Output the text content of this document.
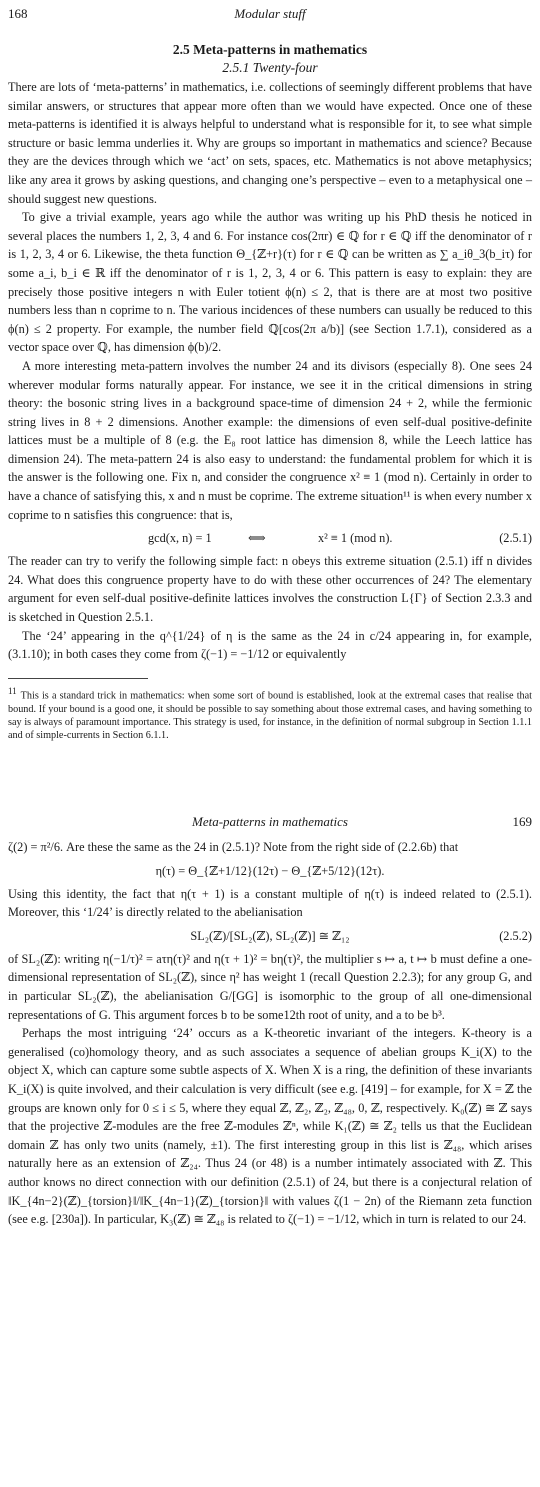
168	Modular stuff
2.5 Meta-patterns in mathematics
2.5.1 Twenty-four

There are lots of ‘meta-patterns’ in mathematics, i.e. collections of seemingly different problems that have similar answers, or structures that appear more often than we would have expected. Once one of these meta-patterns is identified it is always helpful to understand what is responsible for it, to see what simple structure or basic lemma underlies it. Why are groups so important in mathematics and science? Because they are the devices through which we ‘act’ on sets, spaces, etc. Mathematics is not above metaphysics; like any area it grows by asking questions, and changing one’s perspective – even to a metaphysical one – should suggest new questions.

To give a trivial example, years ago while the author was writing up his PhD thesis he noticed in several places the numbers 1, 2, 3, 4 and 6. For instance cos(2πr) ∈ ℚ for r ∈ ℚ iff the denominator of r is 1, 2, 3, 4 or 6. Likewise, the theta function Θ_{ℤ+r}(τ) for r ∈ ℚ can be written as ∑ a_iθ_3(b_iτ) for some a_i, b_i ∈ ℝ iff the denominator of r is 1, 2, 3, 4 or 6. This pattern is easy to explain: they are precisely those positive integers n with Euler totient ϕ(n) ≤ 2, that is there are at most two positive numbers less than n coprime to n. The various incidences of these numbers can usually be reduced to this ϕ(n) ≤ 2 property. For example, the number field ℚ[cos(2π a/b)] (see Section 1.7.1), considered as a vector space over ℚ, has dimension ϕ(b)/2.

A more interesting meta-pattern involves the number 24 and its divisors (especially 8). One sees 24 wherever modular forms naturally appear. For instance, we see it in the critical dimensions in string theory: the bosonic string lives in a background space-time of dimension 24 + 2, while the fermionic string lives in 8 + 2 dimensions. Another example: the dimensions of even self-dual positive-definite lattices must be a multiple of 8 (e.g. the E₈ root lattice has dimension 8, while the Leech lattice has dimension 24). The meta-pattern 24 is also easy to understand: the fundamental problem for which it is the answer is the following one. Fix n, and consider the congruence x² ≡ 1 (mod n). Certainly in order to have a chance of satisfying this, x and n must be coprime. The extreme situation¹¹ is when every number x coprime to n satisfies this congruence: that is,

gcd(x, n) = 1	⟺	x² ≡ 1 (mod n).	(2.5.1)

The reader can try to verify the following simple fact: n obeys this extreme situation (2.5.1) iff n divides 24. What does this congruence property have to do with these other occurrences of 24? The elementary argument for even self-dual positive-definite lattices involves the construction L{Γ} of Section 2.3.3 and is sketched in Question 2.5.1.

The ‘24’ appearing in the q^{1/24} of η is the same as the 24 in c/24 appearing in, for example, (3.1.10); in both cases they come from ζ(−1) = −1/12 or equivalently

11 This is a standard trick in mathematics: when some sort of bound is established, look at the extremal cases that realise that bound. If your bound is a good one, it should be possible to say something about those extremal cases, and having something to say is always of paramount importance. This strategy is used, for instance, in the definition of normal subgroup in Section 1.1.1 and of simple-currents in Section 6.1.1.
Meta-patterns in mathematics	169

ζ(2) = π²/6. Are these the same as the 24 in (2.5.1)? Note from the right side of (2.2.6b) that

η(τ) = Θ_{ℤ+1/12}(12τ) − Θ_{ℤ+5/12}(12τ).

Using this identity, the fact that η(τ + 1) is a constant multiple of η(τ) is indeed related to (2.5.1). Moreover, this ‘1/24’ is directly related to the abelianisation

SL₂(ℤ)/[SL₂(ℤ), SL₂(ℤ)] ≅ ℤ₁₂	(2.5.2)

of SL₂(ℤ): writing η(−1/τ)² = aτη(τ)² and η(τ + 1)² = bη(τ)², the multiplier s ↦ a, t ↦ b must define a one-dimensional representation of SL₂(ℤ), since η² has weight 1 (recall Question 2.2.3); for any group G, and in particular SL₂(ℤ), the abelianisation G/[GG] is isomorphic to the group of all one-dimensional representations of G. This argument forces b to be some12th root of unity, and a to be b³.

Perhaps the most intriguing ‘24’ occurs as a K-theoretic invariant of the integers. K-theory is a generalised (co)homology theory, and as such associates a sequence of abelian groups K_i(X) to the object X, which can capture some subtle aspects of X. When X is a ring, the definition of these invariants K_i(X) is quite involved, and their calculation is very difficult (see e.g. [419] – for example, for X = ℤ the groups are known only for 0 ≤ i ≤ 5, where they equal ℤ, ℤ₂, ℤ₂, ℤ₄₈, 0, ℤ, respectively. K₀(ℤ) ≅ ℤ says that the projective ℤ-modules are the free ℤ-modules ℤⁿ, while K₁(ℤ) ≅ ℤ₂ tells us that the Euclidean domain ℤ has only two units (namely, ±1). The first interesting group in this list is ℤ₄₈, which arises naturally here as an extension of ℤ₂₄. Thus 24 (or 48) is a number intimately associated with ℤ. This author knows no direct connection with our definition (2.5.1) of 24, but there is a conjectural relation of ‖K_{4n−2}(ℤ)_{torsion}‖/‖K_{4n−1}(ℤ)_{torsion}‖ with values ζ(1 − 2n) of the Riemann zeta function (see e.g. [230a]). In particular, K₃(ℤ) ≅ ℤ₄₈ is related to ζ(−1) = −1/12, which in turn is related to our 24.
